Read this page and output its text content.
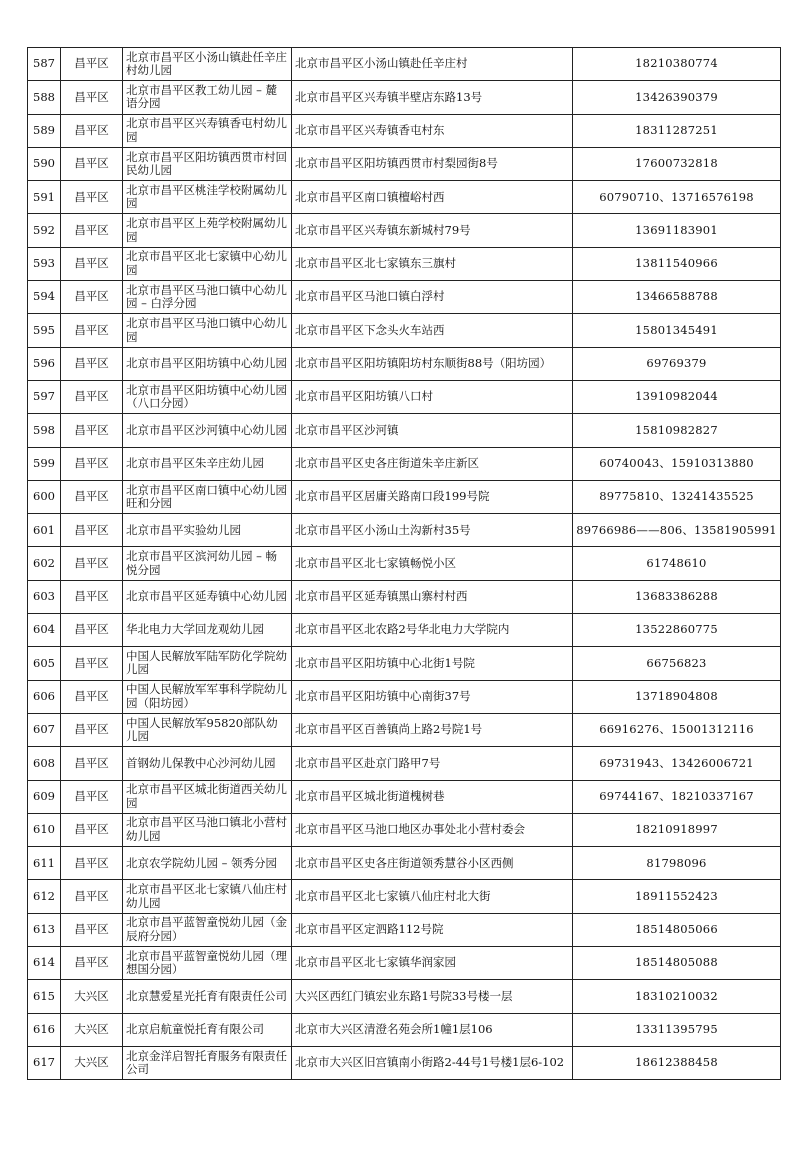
587	昌平区	北京市昌平区小汤山镇赴任辛庄村幼儿园	北京市昌平区小汤山镇赴任辛庄村	18210380774
588	昌平区	北京市昌平区教工幼儿园 – 麓语分园	北京市昌平区兴寿镇半壁店东路13号	13426390379
589	昌平区	北京市昌平区兴寿镇香屯村幼儿园	北京市昌平区兴寿镇香屯村东	18311287251
590	昌平区	北京市昌平区阳坊镇西贯市村回民幼儿园	北京市昌平区阳坊镇西贯市村梨园街8号	17600732818
591	昌平区	北京市昌平区桃洼学校附属幼儿园	北京市昌平区南口镇檀峪村西	60790710、13716576198
592	昌平区	北京市昌平区上苑学校附属幼儿园	北京市昌平区兴寿镇东新城村79号	13691183901
593	昌平区	北京市昌平区北七家镇中心幼儿园	北京市昌平区北七家镇东三旗村	13811540966
594	昌平区	北京市昌平区马池口镇中心幼儿园 – 白浮分园	北京市昌平区马池口镇白浮村	13466588788
595	昌平区	北京市昌平区马池口镇中心幼儿园	北京市昌平区下念头火车站西	15801345491
596	昌平区	北京市昌平区阳坊镇中心幼儿园	北京市昌平区阳坊镇阳坊村东顺街88号（阳坊园）	69769379
597	昌平区	北京市昌平区阳坊镇中心幼儿园（八口分园）	北京市昌平区阳坊镇八口村	13910982044
598	昌平区	北京市昌平区沙河镇中心幼儿园	北京市昌平区沙河镇	15810982827
599	昌平区	北京市昌平区朱辛庄幼儿园	北京市昌平区史各庄街道朱辛庄新区	60740043、15910313880
600	昌平区	北京市昌平区南口镇中心幼儿园旺和分园	北京市昌平区居庸关路南口段199号院	89775810、13241435525
601	昌平区	北京市昌平实验幼儿园	北京市昌平区小汤山土沟新村35号	89766986——806、13581905991
602	昌平区	北京市昌平区滨河幼儿园 – 畅悦分园	北京市昌平区北七家镇畅悦小区	61748610
603	昌平区	北京市昌平区延寿镇中心幼儿园	北京市昌平区延寿镇黑山寨村村西	13683386288
604	昌平区	华北电力大学回龙观幼儿园	北京市昌平区北农路2号华北电力大学院内	13522860775
605	昌平区	中国人民解放军陆军防化学院幼儿园	北京市昌平区阳坊镇中心北街1号院	66756823
606	昌平区	中国人民解放军军事科学院幼儿园（阳坊园）	北京市昌平区阳坊镇中心南街37号	13718904808
607	昌平区	中国人民解放军95820部队幼儿园	北京市昌平区百善镇尚上路2号院1号	66916276、15001312116
608	昌平区	首钢幼儿保教中心沙河幼儿园	北京市昌平区赴京门路甲7号	69731943、13426006721
609	昌平区	北京市昌平区城北街道西关幼儿园	北京市昌平区城北街道槐树巷	69744167、18210337167
610	昌平区	北京市昌平区马池口镇北小营村幼儿园	北京市昌平区马池口地区办事处北小营村委会	18210918997
611	昌平区	北京农学院幼儿园 – 领秀分园	北京市昌平区史各庄街道领秀慧谷小区西侧	81798096
612	昌平区	北京市昌平区北七家镇八仙庄村幼儿园	北京市昌平区北七家镇八仙庄村北大街	18911552423
613	昌平区	北京市昌平蓝智童悦幼儿园（金辰府分园）	北京市昌平区定泗路112号院	18514805066
614	昌平区	北京市昌平蓝智童悦幼儿园（理想国分园）	北京市昌平区北七家镇华润家园	18514805088
615	大兴区	北京慧爱星光托育有限责任公司	大兴区西红门镇宏业东路1号院33号楼一层	18310210032
616	大兴区	北京启航童悦托育有限公司	北京市大兴区清澄名苑会所1幢1层106	13311395795
617	大兴区	北京金洋启智托育服务有限责任公司	北京市大兴区旧宫镇南小街路2-44号1号楼1层6-102	18612388458
